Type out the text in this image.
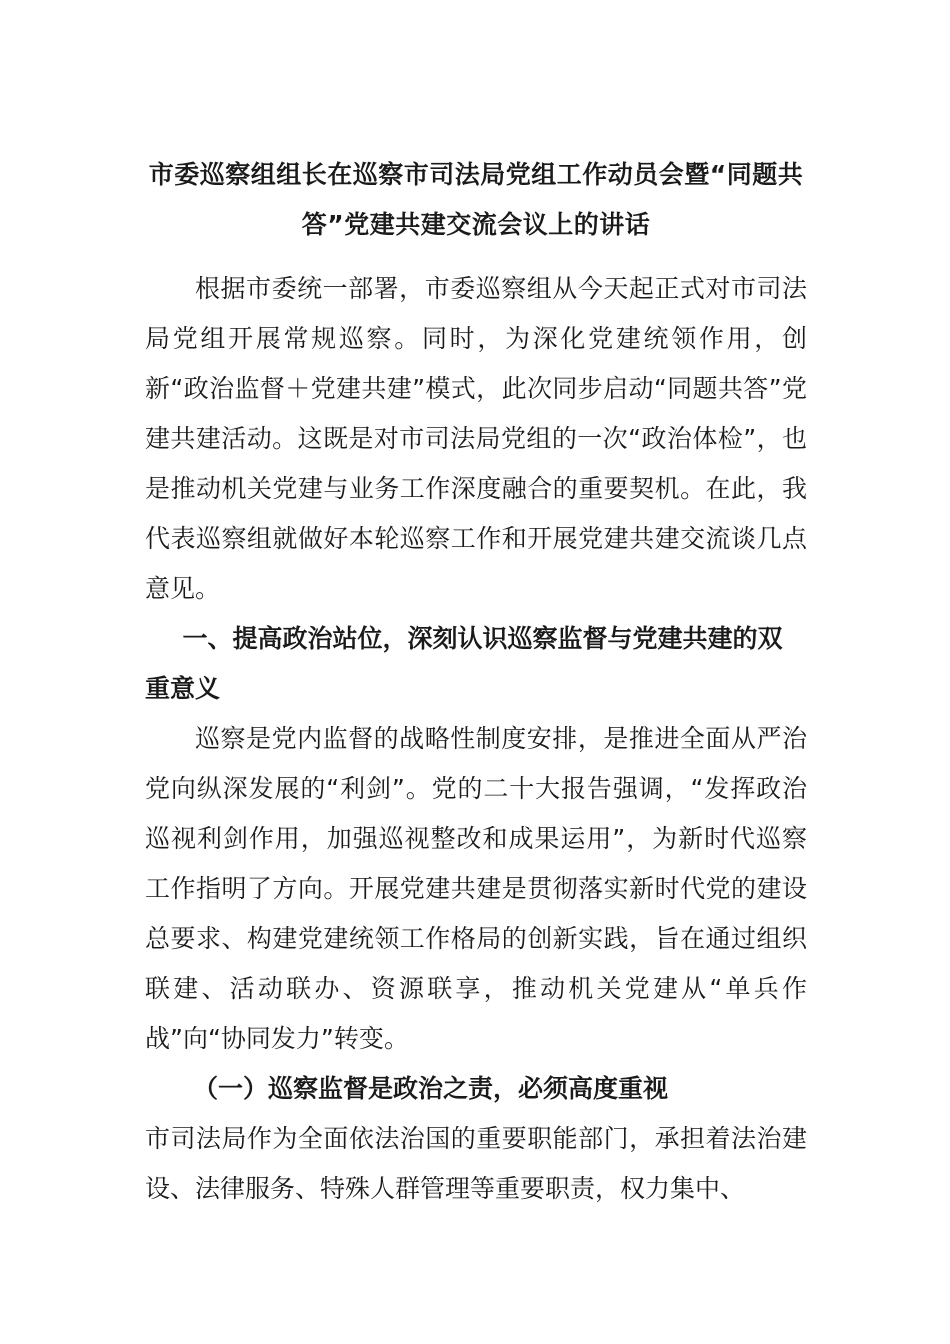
市委巡察组组长在巡察市司法局党组工作动员会暨“同题共答”党建共建交流会议上的讲话

根据市委统一部署，市委巡察组从今天起正式对市司法局党组开展常规巡察。同时，为深化党建统领作用，创新“政治监督＋党建共建”模式，此次同步启动“同题共答”党建共建活动。这既是对市司法局党组的一次“政治体检”，也是推动机关党建与业务工作深度融合的重要契机。在此，我代表巡察组就做好本轮巡察工作和开展党建共建交流谈几点意见。

一、提高政治站位，深刻认识巡察监督与党建共建的双重意义

巡察是党内监督的战略性制度安排，是推进全面从严治党向纵深发展的“利剑”。党的二十大报告强调，“发挥政治巡视利剑作用，加强巡视整改和成果运用”，为新时代巡察工作指明了方向。开展党建共建是贯彻落实新时代党的建设总要求、构建党建统领工作格局的创新实践，旨在通过组织联建、活动联办、资源联享，推动机关党建从“单兵作战”向“协同发力”转变。

（一）巡察监督是政治之责，必须高度重视

市司法局作为全面依法治国的重要职能部门，承担着法治建设、法律服务、特殊人群管理等重要职责，权力集中、
